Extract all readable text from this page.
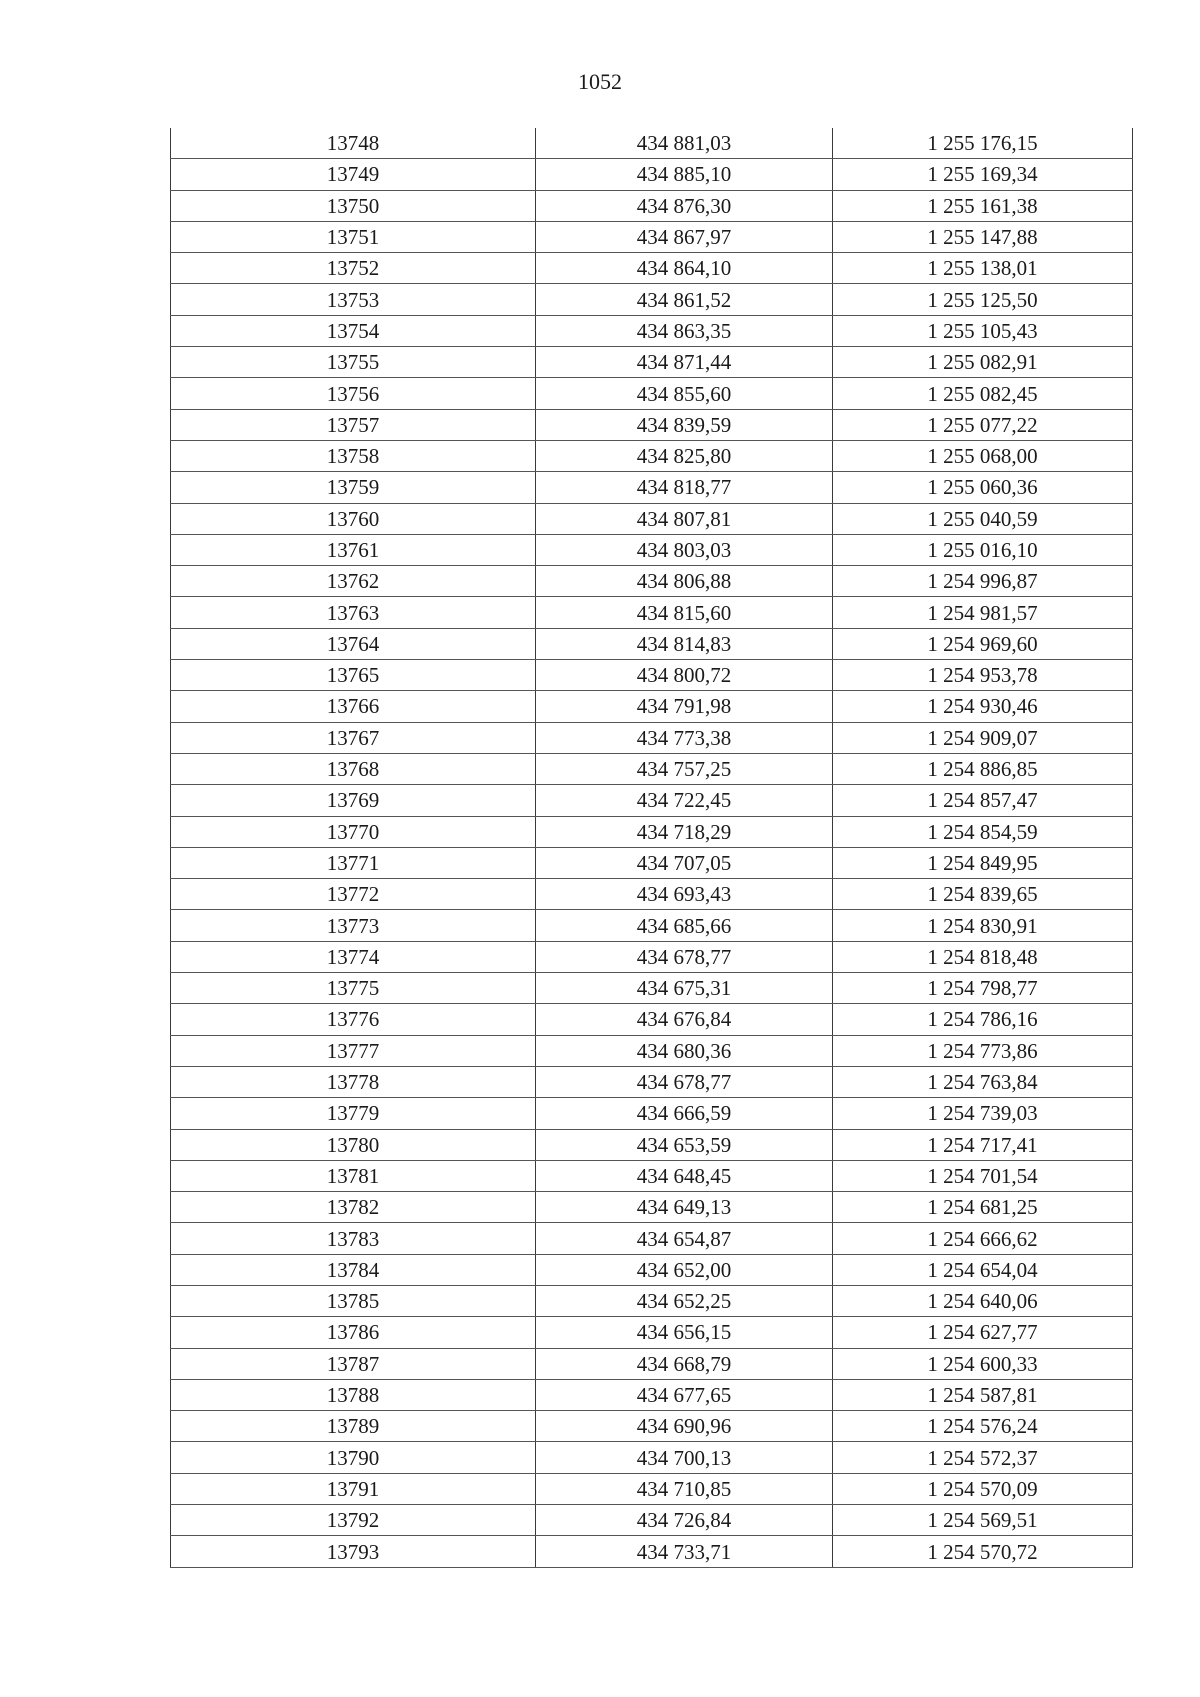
1052
13748	434 881,03	1 255 176,15
13749	434 885,10	1 255 169,34
13750	434 876,30	1 255 161,38
13751	434 867,97	1 255 147,88
13752	434 864,10	1 255 138,01
13753	434 861,52	1 255 125,50
13754	434 863,35	1 255 105,43
13755	434 871,44	1 255 082,91
13756	434 855,60	1 255 082,45
13757	434 839,59	1 255 077,22
13758	434 825,80	1 255 068,00
13759	434 818,77	1 255 060,36
13760	434 807,81	1 255 040,59
13761	434 803,03	1 255 016,10
13762	434 806,88	1 254 996,87
13763	434 815,60	1 254 981,57
13764	434 814,83	1 254 969,60
13765	434 800,72	1 254 953,78
13766	434 791,98	1 254 930,46
13767	434 773,38	1 254 909,07
13768	434 757,25	1 254 886,85
13769	434 722,45	1 254 857,47
13770	434 718,29	1 254 854,59
13771	434 707,05	1 254 849,95
13772	434 693,43	1 254 839,65
13773	434 685,66	1 254 830,91
13774	434 678,77	1 254 818,48
13775	434 675,31	1 254 798,77
13776	434 676,84	1 254 786,16
13777	434 680,36	1 254 773,86
13778	434 678,77	1 254 763,84
13779	434 666,59	1 254 739,03
13780	434 653,59	1 254 717,41
13781	434 648,45	1 254 701,54
13782	434 649,13	1 254 681,25
13783	434 654,87	1 254 666,62
13784	434 652,00	1 254 654,04
13785	434 652,25	1 254 640,06
13786	434 656,15	1 254 627,77
13787	434 668,79	1 254 600,33
13788	434 677,65	1 254 587,81
13789	434 690,96	1 254 576,24
13790	434 700,13	1 254 572,37
13791	434 710,85	1 254 570,09
13792	434 726,84	1 254 569,51
13793	434 733,71	1 254 570,72
